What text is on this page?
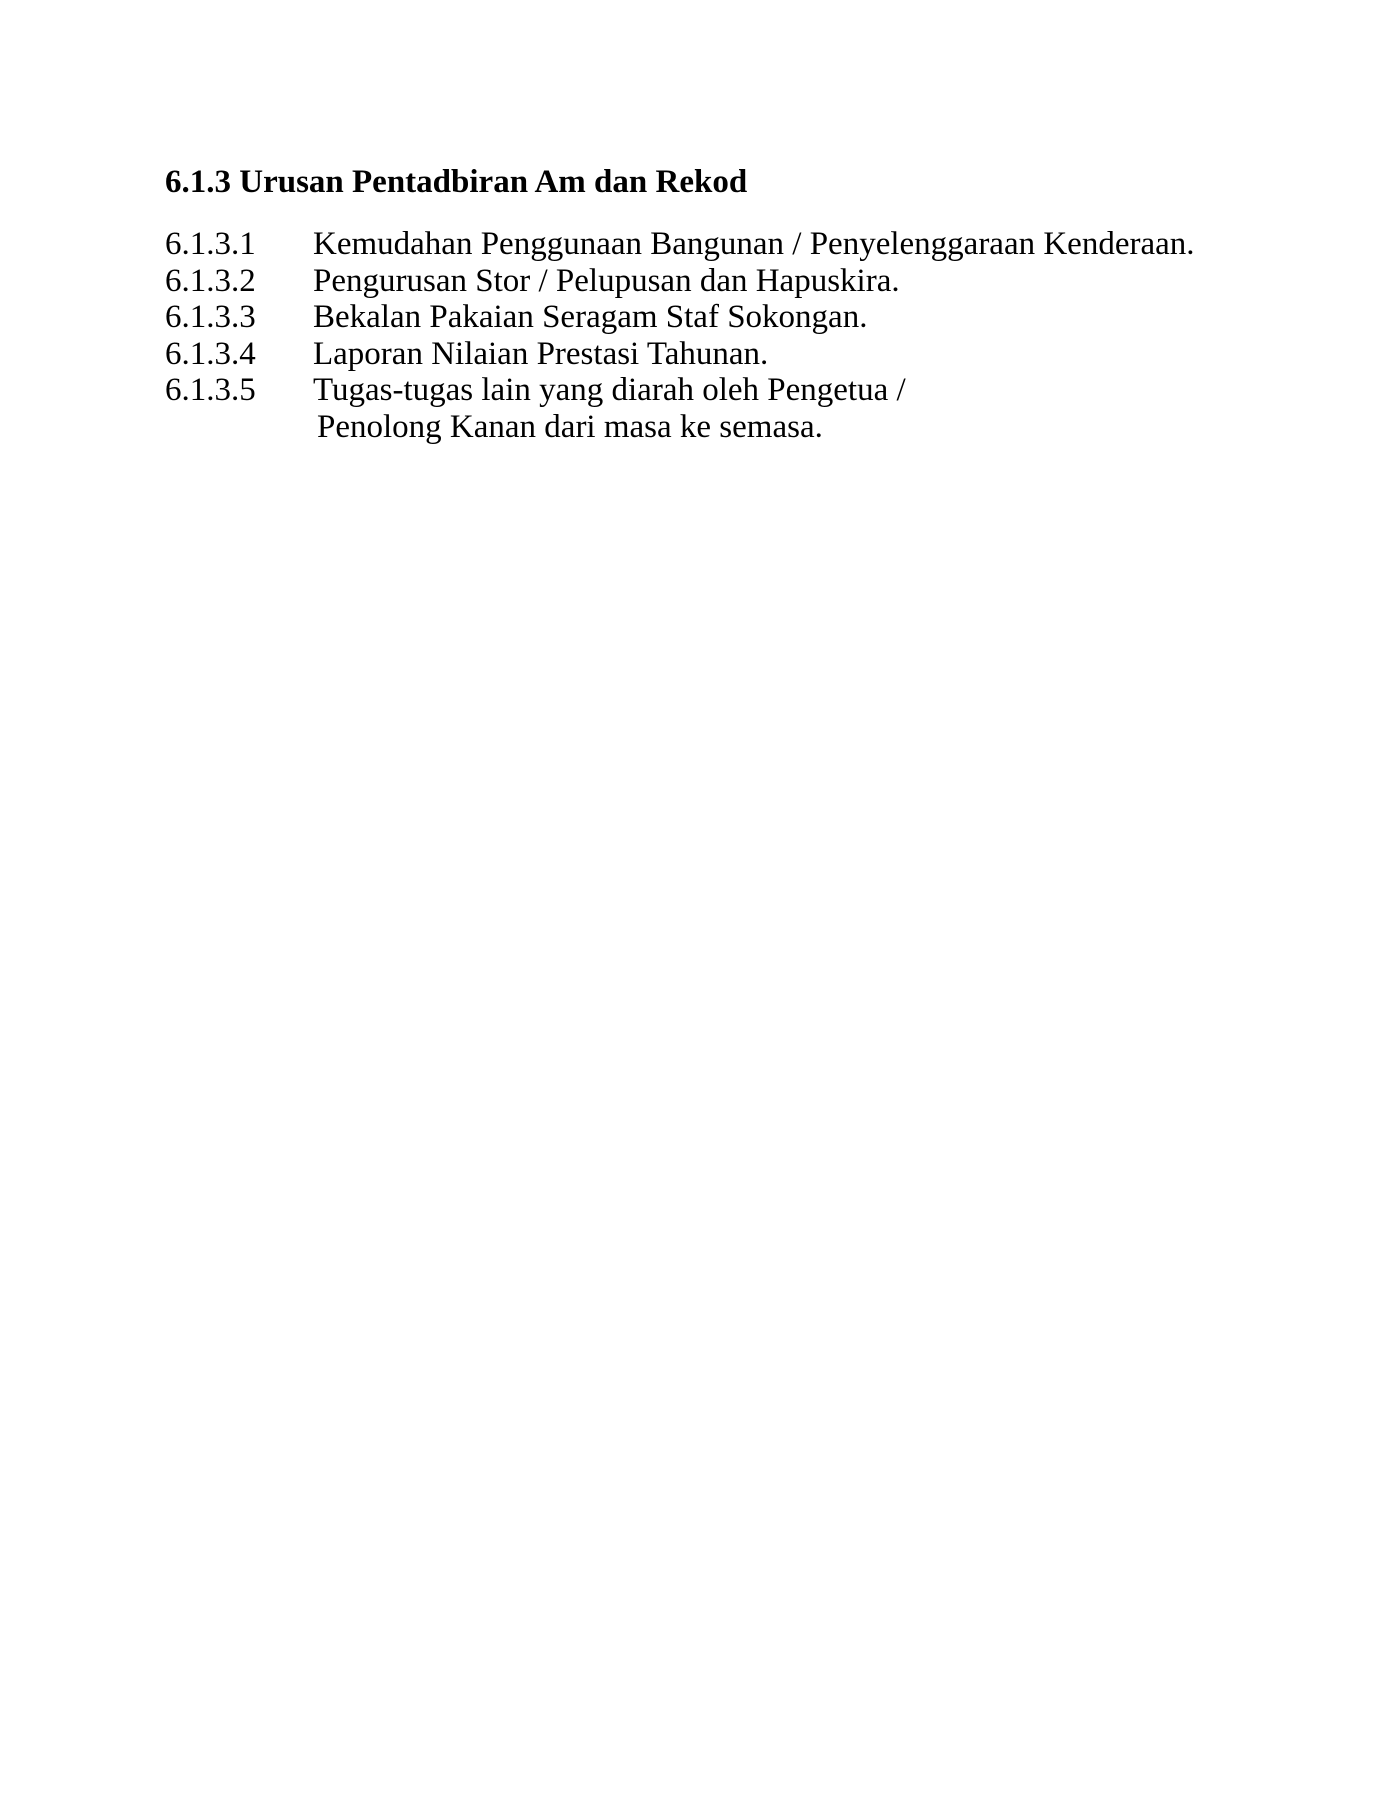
6.1.3 Urusan Pentadbiran Am dan Rekod
6.1.3.1	Kemudahan Penggunaan Bangunan / Penyelenggaraan Kenderaan.
6.1.3.2	Pengurusan Stor / Pelupusan dan Hapuskira.
6.1.3.3	Bekalan Pakaian Seragam Staf Sokongan.
6.1.3.4	Laporan Nilaian Prestasi Tahunan.
6.1.3.5	Tugas-tugas lain yang diarah oleh Pengetua /
Penolong Kanan dari masa ke semasa.
